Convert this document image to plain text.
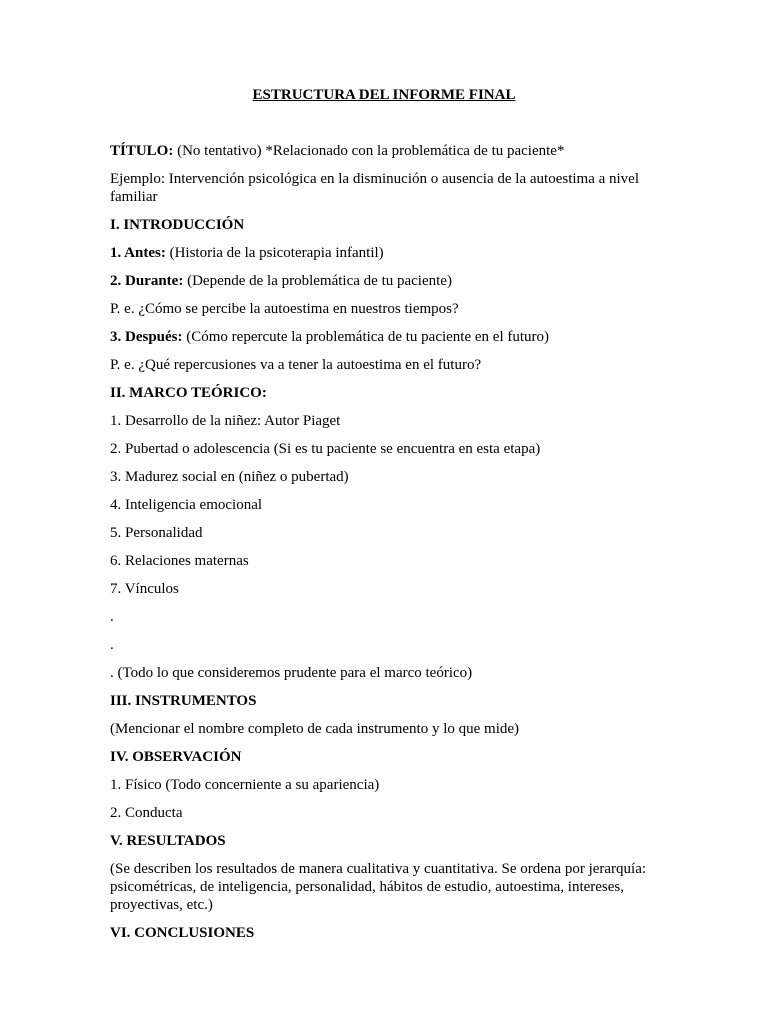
ESTRUCTURA DEL INFORME FINAL

TÍTULO: (No tentativo) *Relacionado con la problemática de tu paciente*

Ejemplo: Intervención psicológica en la disminución o ausencia de la autoestima a nivel familiar

I. INTRODUCCIÓN

1. Antes: (Historia de la psicoterapia infantil)

2. Durante: (Depende de la problemática de tu paciente)

P. e. ¿Cómo se percibe la autoestima en nuestros tiempos?

3. Después: (Cómo repercute la problemática de tu paciente en el futuro)

P. e. ¿Qué repercusiones va a tener la autoestima en el futuro?

II. MARCO TEÓRICO:

1. Desarrollo de la niñez: Autor Piaget

2. Pubertad o adolescencia (Si es tu paciente se encuentra en esta etapa)

3. Madurez social en (niñez o pubertad)

4. Inteligencia emocional

5. Personalidad

6. Relaciones maternas

7. Vínculos

.

.

. (Todo lo que consideremos prudente para el marco teórico)

III. INSTRUMENTOS

(Mencionar el nombre completo de cada instrumento y lo que mide)

IV. OBSERVACIÓN

1. Físico (Todo concerniente a su apariencia)

2. Conducta

V. RESULTADOS

(Se describen los resultados de manera cualitativa y cuantitativa. Se ordena por jerarquía: psicométricas, de inteligencia, personalidad, hábitos de estudio, autoestima, intereses, proyectivas, etc.)

VI. CONCLUSIONES
